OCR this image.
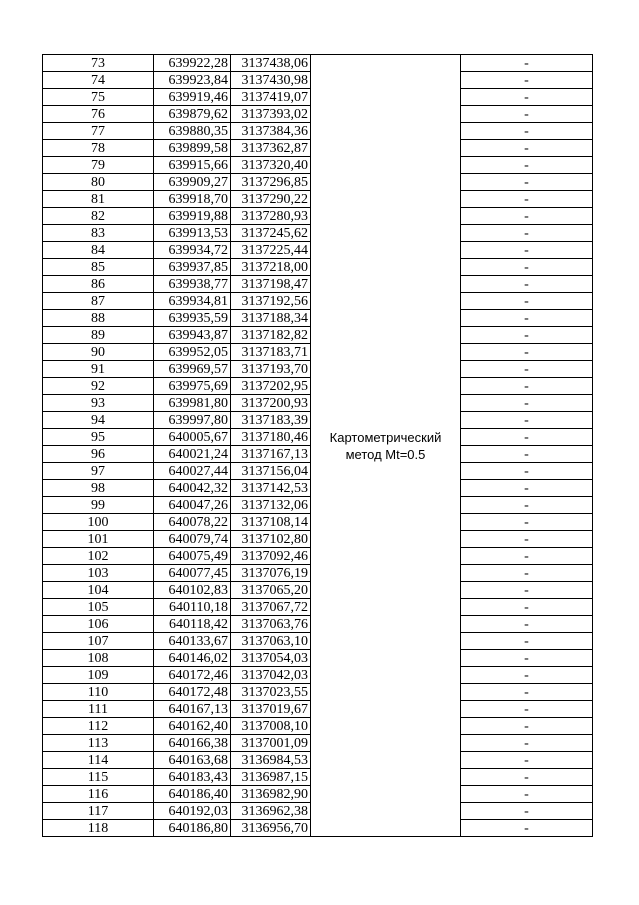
73	639922,28	3137438,06	Картометрический метод Mt=0.5	-
74	639923,84	3137430,98		-
75	639919,46	3137419,07		-
76	639879,62	3137393,02		-
77	639880,35	3137384,36		-
78	639899,58	3137362,87		-
79	639915,66	3137320,40		-
80	639909,27	3137296,85		-
81	639918,70	3137290,22		-
82	639919,88	3137280,93		-
83	639913,53	3137245,62		-
84	639934,72	3137225,44		-
85	639937,85	3137218,00		-
86	639938,77	3137198,47		-
87	639934,81	3137192,56		-
88	639935,59	3137188,34		-
89	639943,87	3137182,82		-
90	639952,05	3137183,71		-
91	639969,57	3137193,70		-
92	639975,69	3137202,95		-
93	639981,80	3137200,93		-
94	639997,80	3137183,39		-
95	640005,67	3137180,46		-
96	640021,24	3137167,13		-
97	640027,44	3137156,04		-
98	640042,32	3137142,53		-
99	640047,26	3137132,06		-
100	640078,22	3137108,14		-
101	640079,74	3137102,80		-
102	640075,49	3137092,46		-
103	640077,45	3137076,19		-
104	640102,83	3137065,20		-
105	640110,18	3137067,72		-
106	640118,42	3137063,76		-
107	640133,67	3137063,10		-
108	640146,02	3137054,03		-
109	640172,46	3137042,03		-
110	640172,48	3137023,55		-
111	640167,13	3137019,67		-
112	640162,40	3137008,10		-
113	640166,38	3137001,09		-
114	640163,68	3136984,53		-
115	640183,43	3136987,15		-
116	640186,40	3136982,90		-
117	640192,03	3136962,38		-
118	640186,80	3136956,70		-
